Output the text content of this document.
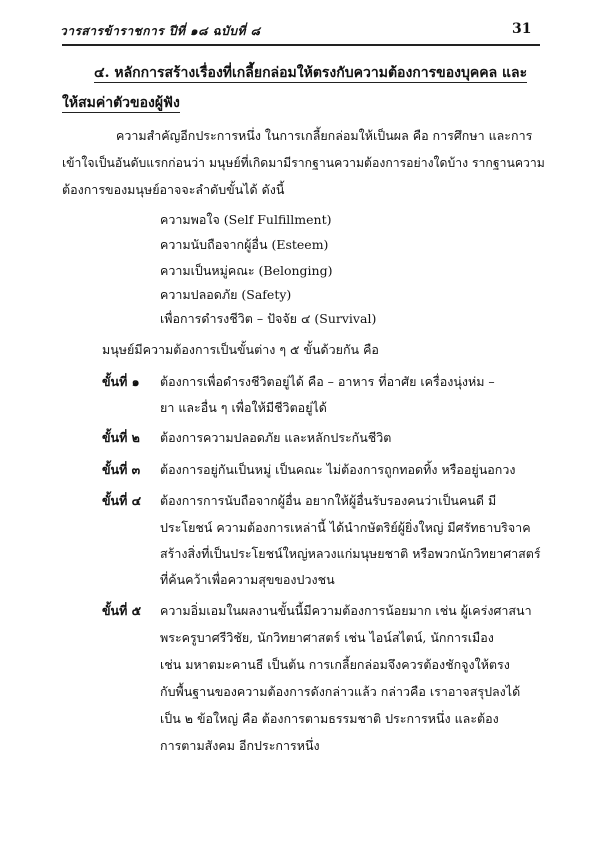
วารสารข้าราชการ ปีที่ ๑๘ ฉบับที่ ๘	31
๔. หลักการสร้างเรื่องที่เกลี้ยกล่อมให้ตรงกับความต้องการของบุคคล และ
ให้สมค่าตัวของผู้ฟัง
ความสำคัญอีกประการหนึ่ง ในการเกลี้ยกล่อมให้เป็นผล คือ การศึกษา และการ
เข้าใจเป็นอันดับแรกก่อนว่า มนุษย์ที่เกิดมามีรากฐานความต้องการอย่างใดบ้าง รากฐานความ
ต้องการของมนุษย์อาจจะลำดับขั้นได้ ดังนี้
ความพอใจ (Self Fulfillment)
ความนับถือจากผู้อื่น (Esteem)
ความเป็นหมู่คณะ (Belonging)
ความปลอดภัย (Safety)
เพื่อการดำรงชีวิต – ปัจจัย ๔ (Survival)
มนุษย์มีความต้องการเป็นขั้นต่าง ๆ ๕ ขั้นด้วยกัน คือ
ขั้นที่ ๑ ต้องการเพื่อดำรงชีวิตอยู่ได้ คือ – อาหาร ที่อาศัย เครื่องนุ่งห่ม –
ยา และอื่น ๆ เพื่อให้มีชีวิตอยู่ได้
ขั้นที่ ๒ ต้องการความปลอดภัย และหลักประกันชีวิต
ขั้นที่ ๓ ต้องการอยู่กันเป็นหมู่ เป็นคณะ ไม่ต้องการถูกทอดทิ้ง หรืออยู่นอกวง
ขั้นที่ ๔ ต้องการการนับถือจากผู้อื่น อยากให้ผู้อื่นรับรองคนว่าเป็นคนดี มี
ประโยชน์ ความต้องการเหล่านี้ ได้นำกษัตริย์ผู้ยิ่งใหญ่ มีศรัทธาบริจาค
สร้างสิ่งที่เป็นประโยชน์ใหญ่หลวงแก่มนุษยชาติ หรือพวกนักวิทยาศาสตร์
ที่ค้นคว้าเพื่อความสุขของปวงชน
ขั้นที่ ๕ ความอิ่มเอมในผลงานขั้นนี้มีความต้องการน้อยมาก เช่น ผู้เคร่งศาสนา
พระครูบาศรีวิชัย, นักวิทยาศาสตร์ เช่น ไอน์สไตน์, นักการเมือง
เช่น มหาตมะคานธี เป็นต้น การเกลี้ยกล่อมจึงควรต้องชักจูงให้ตรง
กับพื้นฐานของความต้องการดังกล่าวแล้ว กล่าวคือ เราอาจสรุปลงได้
เป็น ๒ ข้อใหญ่ คือ ต้องการตามธรรมชาติ ประการหนึ่ง และต้อง
การตามสังคม อีกประการหนึ่ง
